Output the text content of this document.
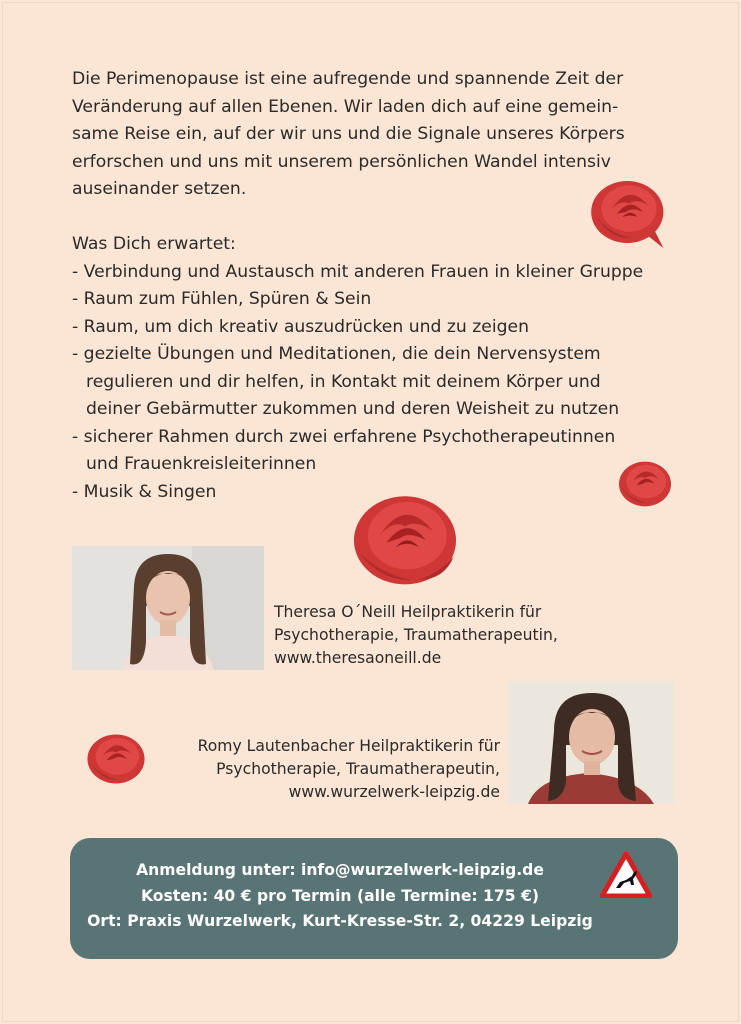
Die Perimenopause ist eine aufregende und spannende Zeit der
Veränderung auf allen Ebenen. Wir laden dich auf eine gemein-
same Reise ein, auf der wir uns und die Signale unseres Körpers
erforschen und uns mit unserem persönlichen Wandel intensiv
auseinander setzen.

Was Dich erwartet:
- Verbindung und Austausch mit anderen Frauen in kleiner Gruppe
- Raum zum Fühlen, Spüren & Sein
- Raum, um dich kreativ auszudrücken und zu zeigen
- gezielte Übungen und Meditationen, die dein Nervensystem
regulieren und dir helfen, in Kontakt mit deinem Körper und
deiner Gebärmutter zukommen und deren Weisheit zu nutzen
- sicherer Rahmen durch zwei erfahrene Psychotherapeutinnen
und Frauenkreisleiterinnen
- Musik & Singen
Theresa O´Neill Heilpraktikerin für
Psychotherapie, Traumatherapeutin,
www.theresaoneill.de
Romy Lautenbacher Heilpraktikerin für
Psychotherapie, Traumatherapeutin,
www.wurzelwerk-leipzig.de
Anmeldung unter: info@wurzelwerk-leipzig.de
Kosten: 40 € pro Termin (alle Termine: 175 €)
Ort: Praxis Wurzelwerk, Kurt-Kresse-Str. 2, 04229 Leipzig
